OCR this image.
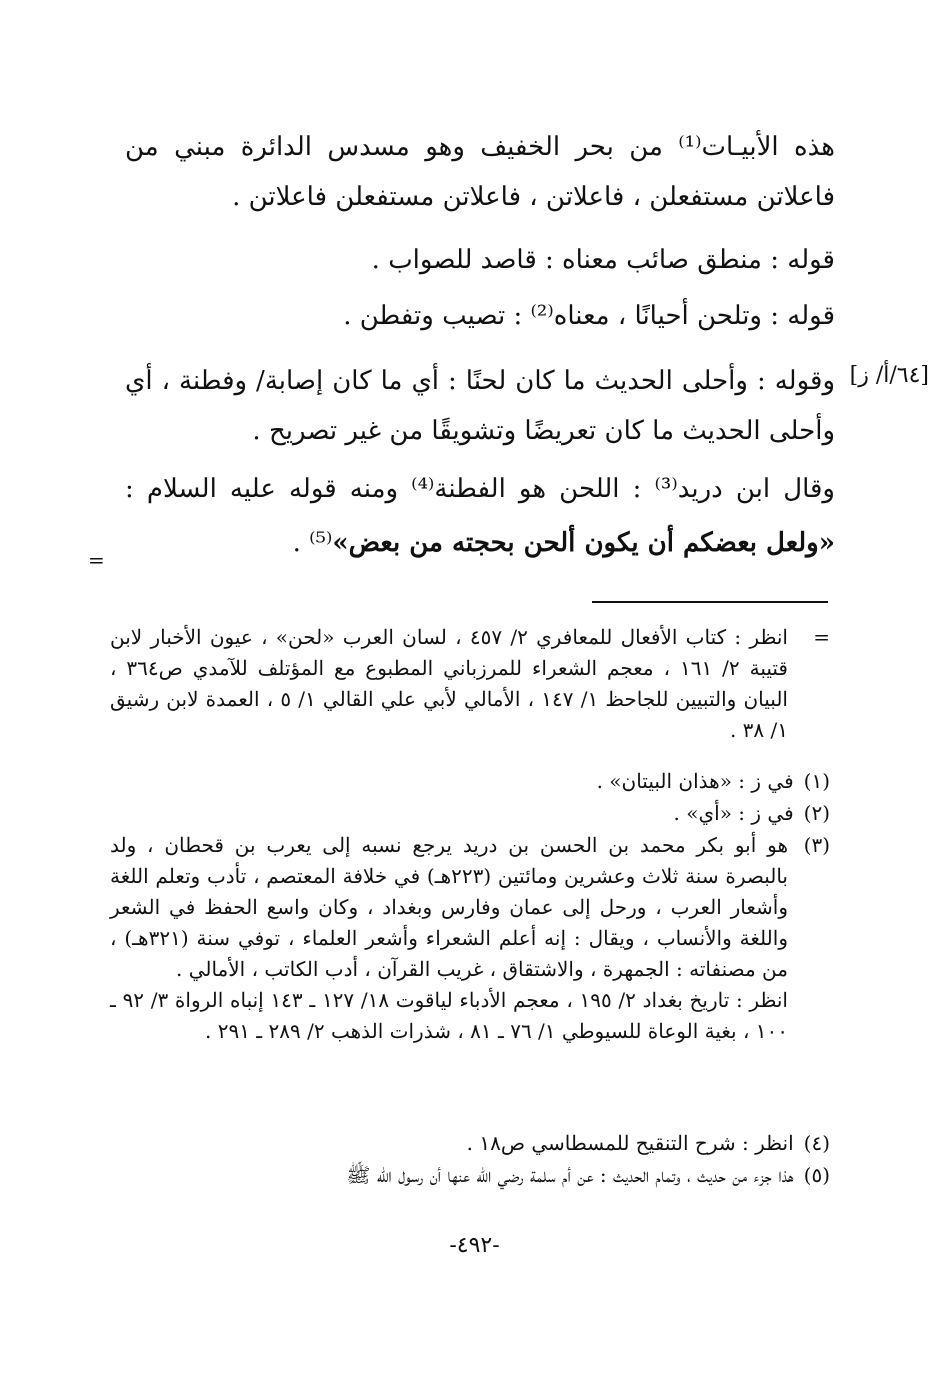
هذه الأبيـات⁽¹⁾ من بحر الخفيف وهو مسدس الدائرة مبني من فاعلاتن مستفعلن ، فاعلاتن ، فاعلاتن مستفعلن فاعلاتن .

قوله : منطق صائب معناه : قاصد للصواب .

قوله : وتلحن أحيانًا ، معناه⁽²⁾ : تصيب وتفطن .

وقوله : وأحلى الحديث ما كان لحنًا : أي ما كان إصابة/ وفطنة ، أي وأحلى الحديث ما كان تعريضًا وتشويقًا من غير تصريح .

وقال ابن دريد⁽³⁾ : اللحن هو الفطنة⁽⁴⁾ ومنه قوله عليه السلام : «ولعل بعضكم أن يكون ألحن بحجته من بعض»⁽⁵⁾ .

[٦٤/أ/ ز]

=
انظر : كتاب الأفعال للمعافري ٢/ ٤٥٧ ، لسان العرب «لحن» ، عيون الأخبار لابن قتيبة ٢/ ١٦١ ، معجم الشعراء للمرزباني المطبوع مع المؤتلف للآمدي ص٣٦٤ ، البيان والتبيين للجاحظ ١/ ١٤٧ ، الأمالي لأبي علي القالي ١/ ٥ ، العمدة لابن رشيق ١/ ٣٨ .

(١) في ز : «هذان البيتان» .

(٢) في ز : «أي» .

(٣)
هو أبو بكر محمد بن الحسن بن دريد يرجع نسبه إلى يعرب بن قحطان ، ولد بالبصرة سنة ثلاث وعشرين ومائتين (٢٢٣هـ) في خلافة المعتصم ، تأدب وتعلم اللغة وأشعار العرب ، ورحل إلى عمان وفارس وبغداد ، وكان واسع الحفظ في الشعر واللغة والأنساب ، ويقال : إنه أعلم الشعراء وأشعر العلماء ، توفي سنة (٣٢١هـ) ، من مصنفاته : الجمهرة ، والاشتقاق ، غريب القرآن ، أدب الكاتب ، الأمالي .
انظر : تاريخ بغداد ٢/ ١٩٥ ، معجم الأدباء لياقوت ١٨/ ١٢٧ ـ ١٤٣ إنباه الرواة ٣/ ٩٢ ـ ١٠٠ ، بغية الوعاة للسيوطي ١/ ٧٦ ـ ٨١ ، شذرات الذهب ٢/ ٢٨٩ ـ ٢٩١ .

(٤) انظر : شرح التنقيح للمسطاسي ص١٨ .

(٥) هذا جزء من حديث ، وتمام الحديث : عن أم سلمة رضي الله عنها أن رسول الله ﷺ

=
-٤٩٢-
